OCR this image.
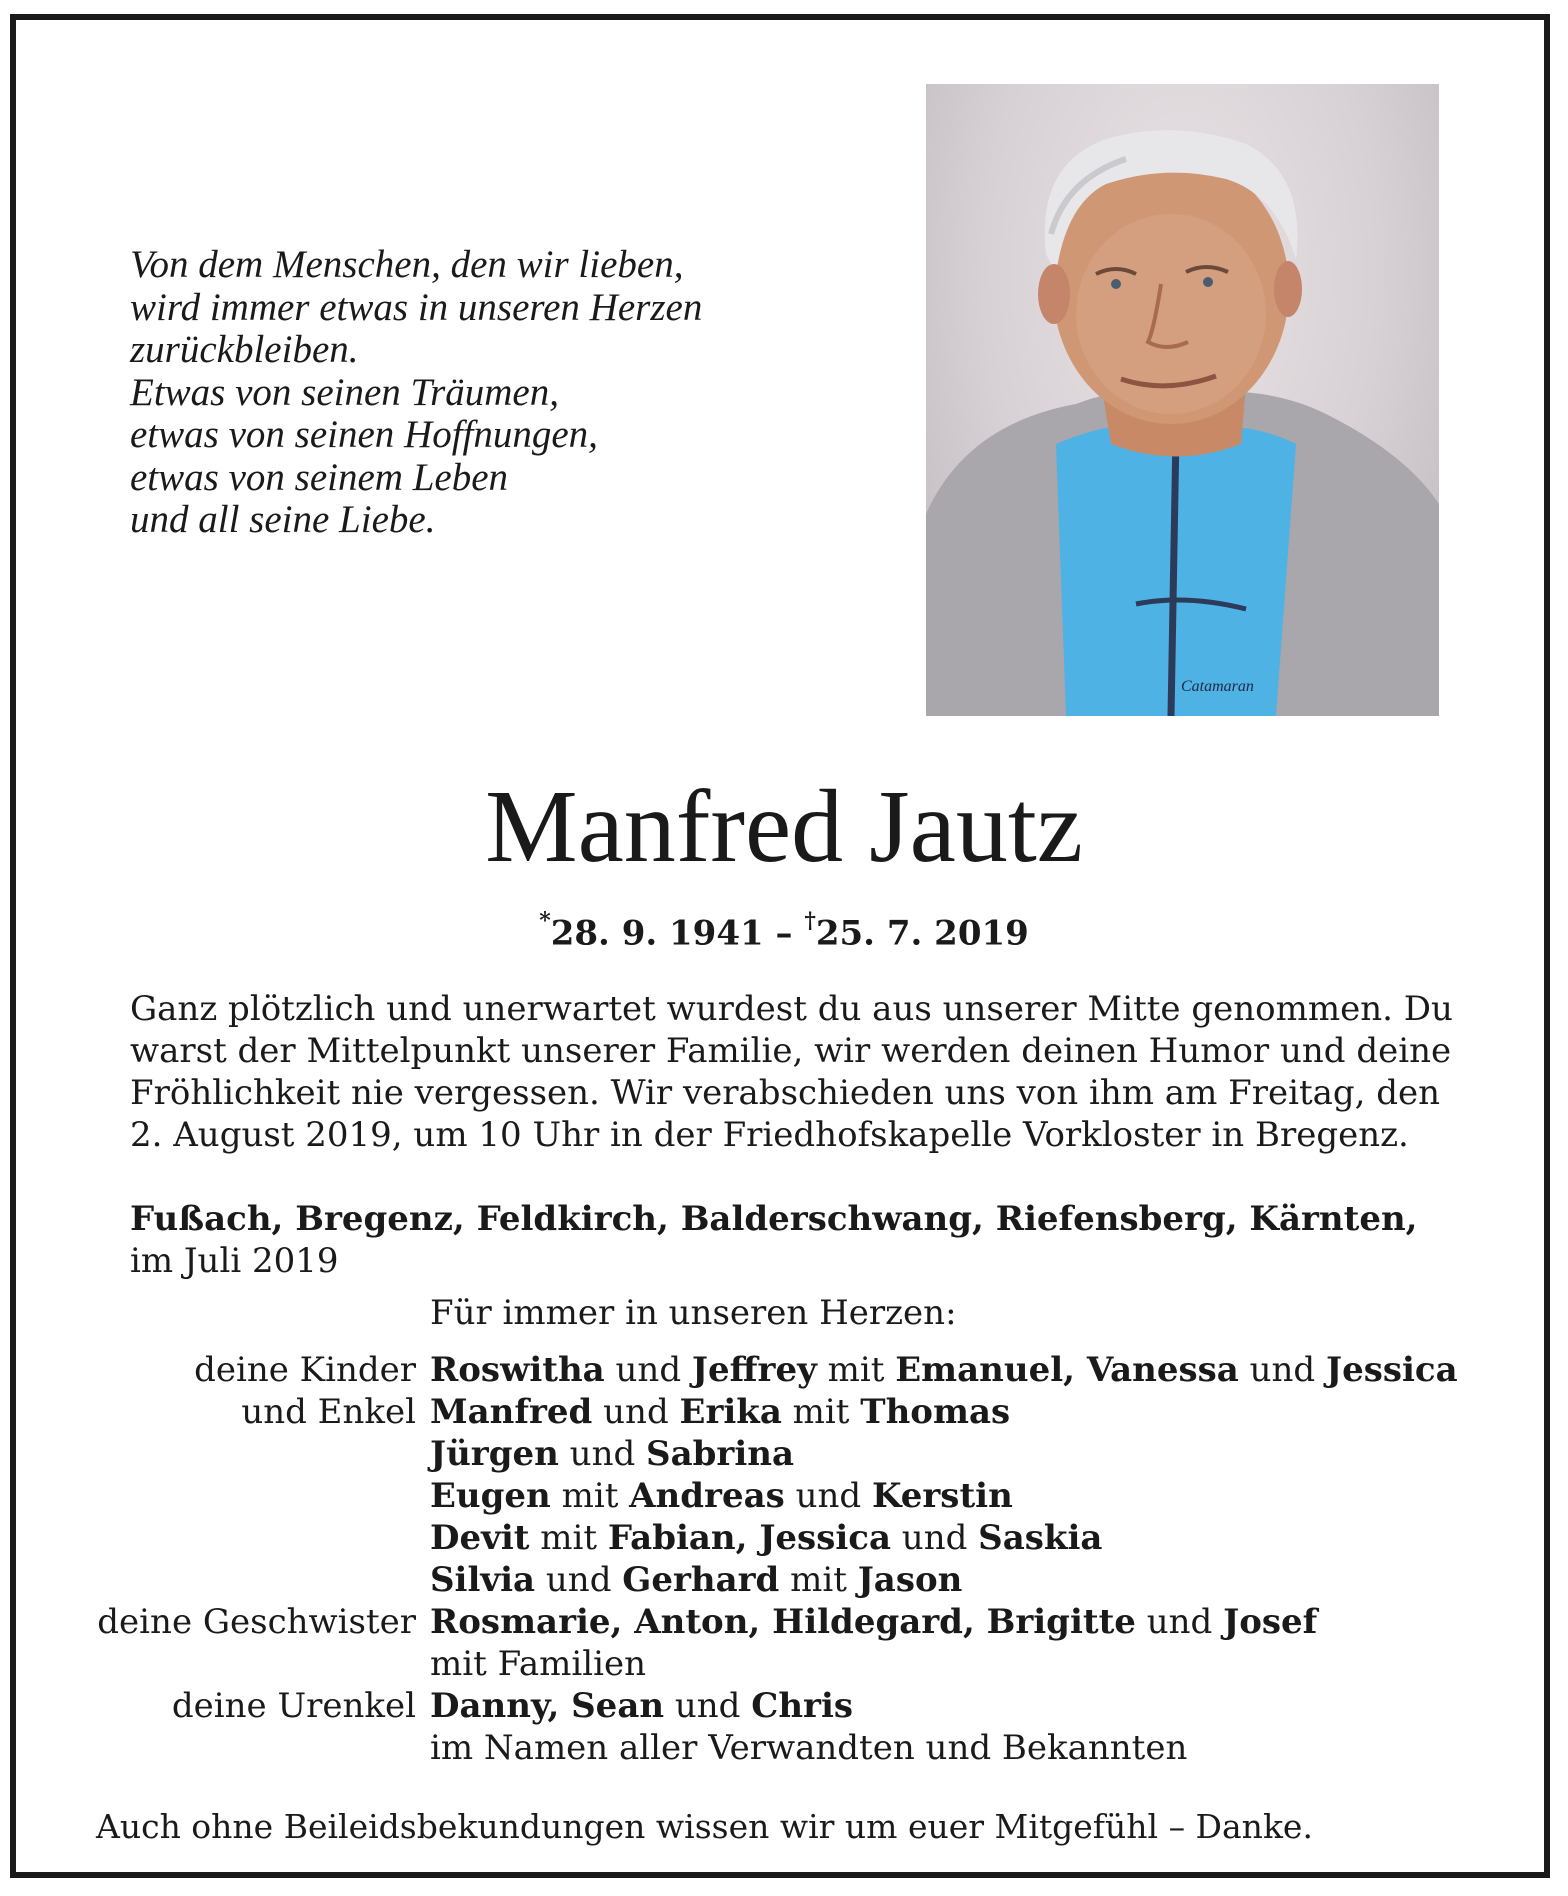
Von dem Menschen, den wir lieben,
wird immer etwas in unseren Herzen
zurückbleiben.
Etwas von seinen Träumen,
etwas von seinen Hoffnungen,
etwas von seinem Leben
und all seine Liebe.
Catamaran
Manfred Jautz
*28. 9. 1941 – †25. 7. 2019
Ganz plötzlich und unerwartet wurdest du aus unserer Mitte genommen. Du
warst der Mittelpunkt unserer Familie, wir werden deinen Humor und deine
Fröhlichkeit nie vergessen. Wir verabschieden uns von ihm am Freitag, den
2. August 2019, um 10 Uhr in der Friedhofskapelle Vorkloster in Bregenz.
Fußach, Bregenz, Feldkirch, Balderschwang, Riefensberg, Kärnten,
im Juli 2019
Für immer in unseren Herzen:
deine Kinder Roswitha und Jeffrey mit Emanuel, Vanessa und Jessica
und Enkel Manfred und Erika mit Thomas
Jürgen und Sabrina
Eugen mit Andreas und Kerstin
Devit mit Fabian, Jessica und Saskia
Silvia und Gerhard mit Jason
deine Geschwister Rosmarie, Anton, Hildegard, Brigitte und Josef
mit Familien
deine Urenkel Danny, Sean und Chris
im Namen aller Verwandten und Bekannten
Auch ohne Beileidsbekundungen wissen wir um euer Mitgefühl – Danke.
